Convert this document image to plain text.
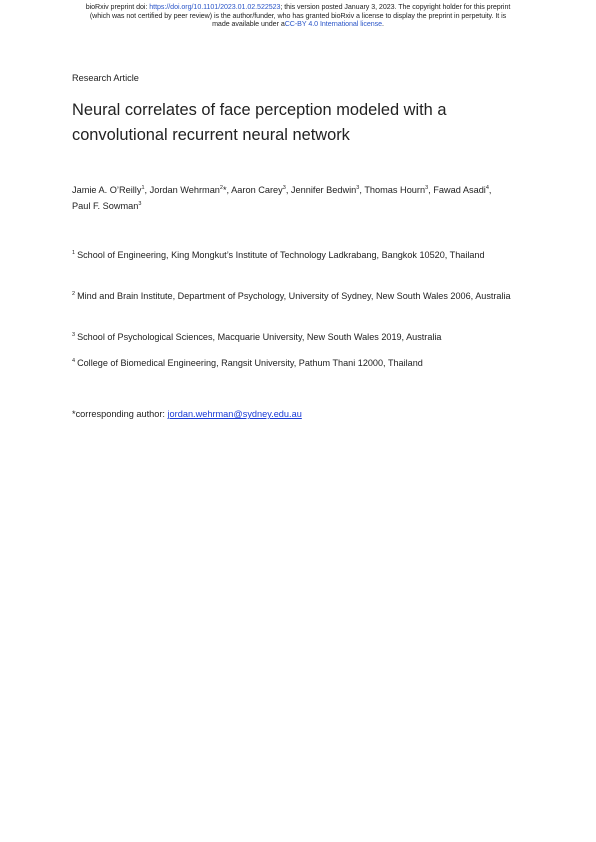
bioRxiv preprint doi: https://doi.org/10.1101/2023.01.02.522523; this version posted January 3, 2023. The copyright holder for this preprint
(which was not certified by peer review) is the author/funder, who has granted bioRxiv a license to display the preprint in perpetuity. It is
made available under aCC-BY 4.0 International license.
Research Article
Neural correlates of face perception modeled with a convolutional recurrent neural network
Jamie A. O’Reilly$^1$, Jordan Wehrman$^2$*, Aaron Carey$^3$, Jennifer Bedwin$^3$, Thomas Hourn$^3$, Fawad Asadi$^4$,
Paul F. Sowman$^3$
$^1$ School of Engineering, King Mongkut’s Institute of Technology Ladkrabang, Bangkok 10520, Thailand
$^2$ Mind and Brain Institute, Department of Psychology, University of Sydney, New South Wales 2006, Australia
$^3$ School of Psychological Sciences, Macquarie University, New South Wales 2019, Australia
$^4$ College of Biomedical Engineering, Rangsit University, Pathum Thani 12000, Thailand
*corresponding author: jordan.wehrman@sydney.edu.au
